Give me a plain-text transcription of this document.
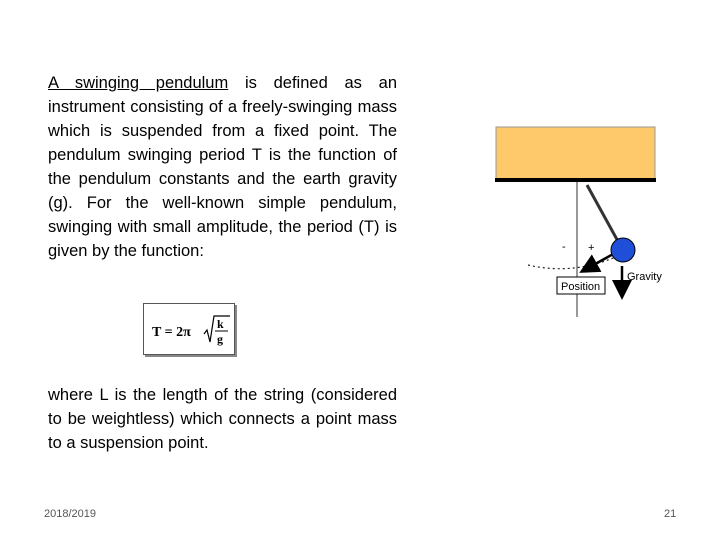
A swinging pendulum is defined as an instrument consisting of a freely-swinging mass which is suspended from a fixed point. The pendulum swinging period T is the function of the pendulum constants and the earth gravity (g). For the well-known simple pendulum, swinging with small amplitude, the period (T) is given by the function:
T = 2π
k
g
where L is the length of the string (considered to be weightless) which connects a point mass to a suspension point.
- +
Position
Gravity
2018/2019	21
